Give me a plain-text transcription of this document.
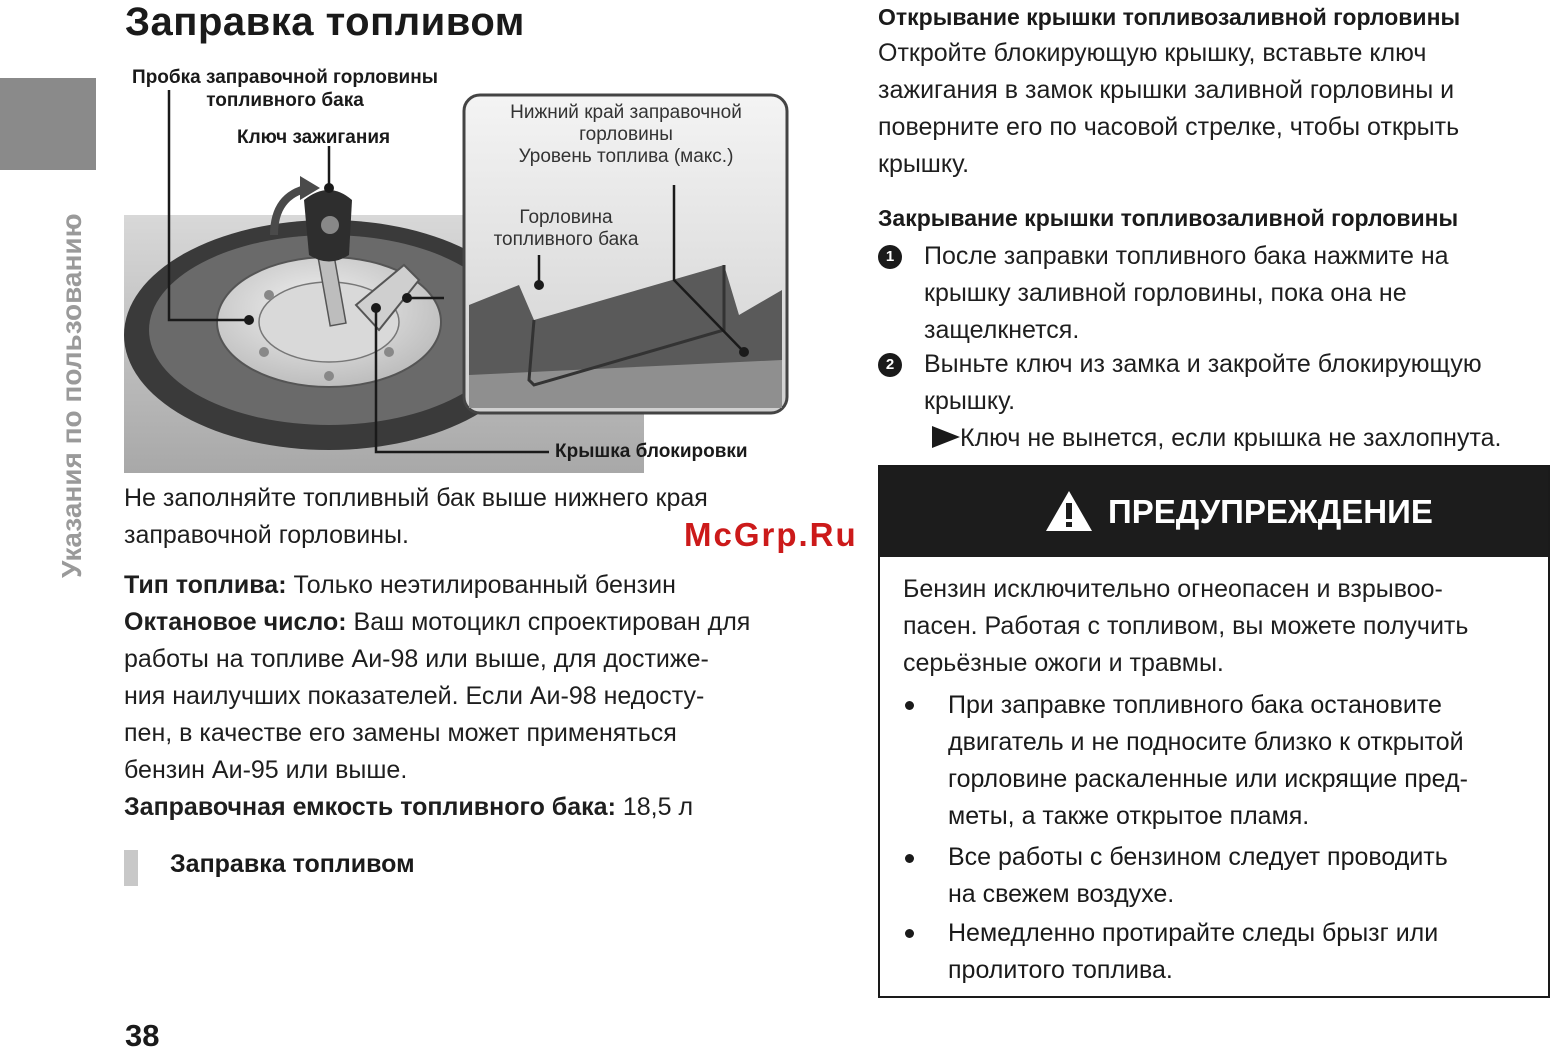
Указания по пользованию
Заправка топливом
Пробка заправочной горловины
топливного бака
Ключ зажигания
Нижний край заправочной
горловины
Уровень топлива (макс.)
Горловина
топливного бака
Крышка блокировки
Не заполняйте топливный бак выше нижнего края
заправочной горловины.
Тип топлива: Только неэтилированный бензин
Октановое число: Ваш мотоцикл спроектирован для
работы на топливе Аи-98 или выше, для достиже-
ния наилучших показателей. Если Аи-98 недосту-
пен, в качестве его замены может применяться
бензин Аи-95 или выше.
Заправочная емкость топливного бака: 18,5 л
Заправка топливом
38
Открывание крышки топливозаливной горловины
Откройте блокирующую крышку, вставьте ключ
зажигания в замок крышки заливной горловины и
поверните его по часовой стрелке, чтобы открыть
крышку.
Закрывание крышки топливозаливной горловины
1 После заправки топливного бака нажмите на
крышку заливной горловины, пока она не
защелкнется.
2 Выньте ключ из замка и закройте блокирующую
крышку.
Ключ не вынется, если крышка не захлопнута.
ПРЕДУПРЕЖДЕНИЕ
Бензин исключительно огнеопасен и взрывоо-
пасен. Работая с топливом, вы можете получить
серьёзные ожоги и травмы.
При заправке топливного бака остановите
двигатель и не подносите близко к открытой
горловине раскаленные или искрящие пред-
меты, а также открытое пламя.
Все работы с бензином следует проводить
на свежем воздухе.
Немедленно протирайте следы брызг или
пролитого топлива.
McGrp.Ru
